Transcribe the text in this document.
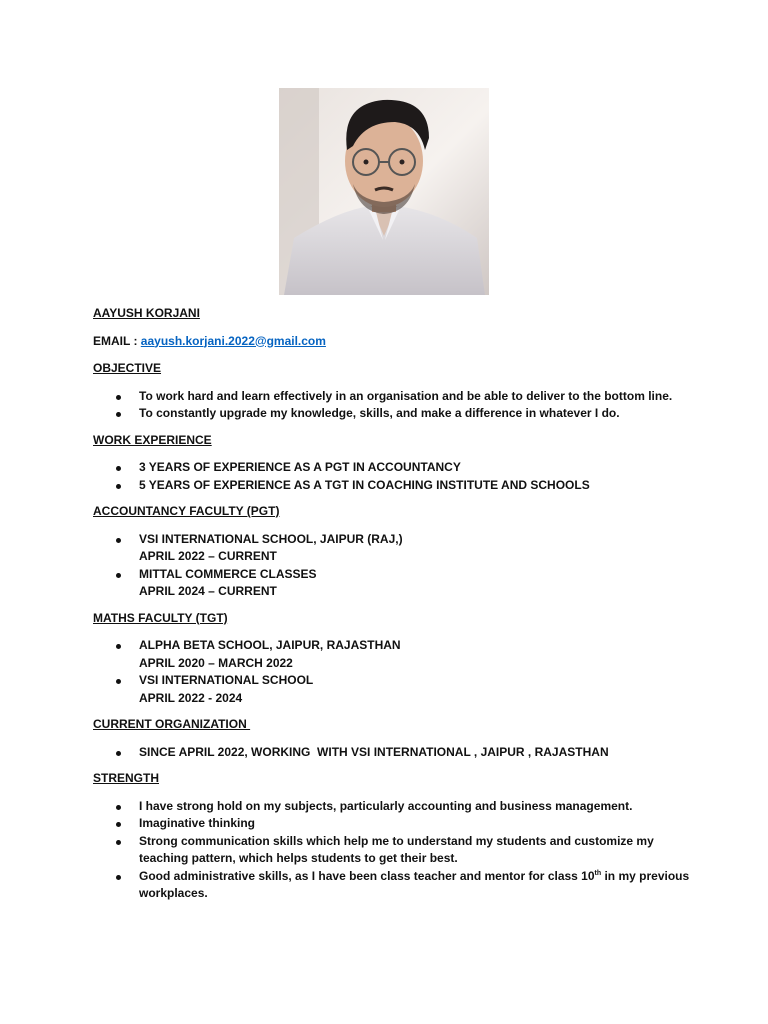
AAYUSH KORJANI

EMAIL : aayush.korjani.2022@gmail.com

OBJECTIVE

To work hard and learn effectively in an organisation and be able to deliver to the bottom line.
To constantly upgrade my knowledge, skills, and make a difference in whatever I do.

WORK EXPERIENCE

3 YEARS OF EXPERIENCE AS A PGT IN ACCOUNTANCY
5 YEARS OF EXPERIENCE AS A TGT IN COACHING INSTITUTE AND SCHOOLS

ACCOUNTANCY FACULTY (PGT)

VSI INTERNATIONAL SCHOOL, JAIPUR (RAJ,)
APRIL 2022 – CURRENT
MITTAL COMMERCE CLASSES
APRIL 2024 – CURRENT

MATHS FACULTY (TGT)

ALPHA BETA SCHOOL, JAIPUR, RAJASTHAN
APRIL 2020 – MARCH 2022
VSI INTERNATIONAL SCHOOL
APRIL 2022 - 2024

CURRENT ORGANIZATION

SINCE APRIL 2022, WORKING  WITH VSI INTERNATIONAL , JAIPUR , RAJASTHAN

STRENGTH

I have strong hold on my subjects, particularly accounting and business management.
Imaginative thinking
Strong communication skills which help me to understand my students and customize my teaching pattern, which helps students to get their best.
Good administrative skills, as I have been class teacher and mentor for class 10th in my previous workplaces.
